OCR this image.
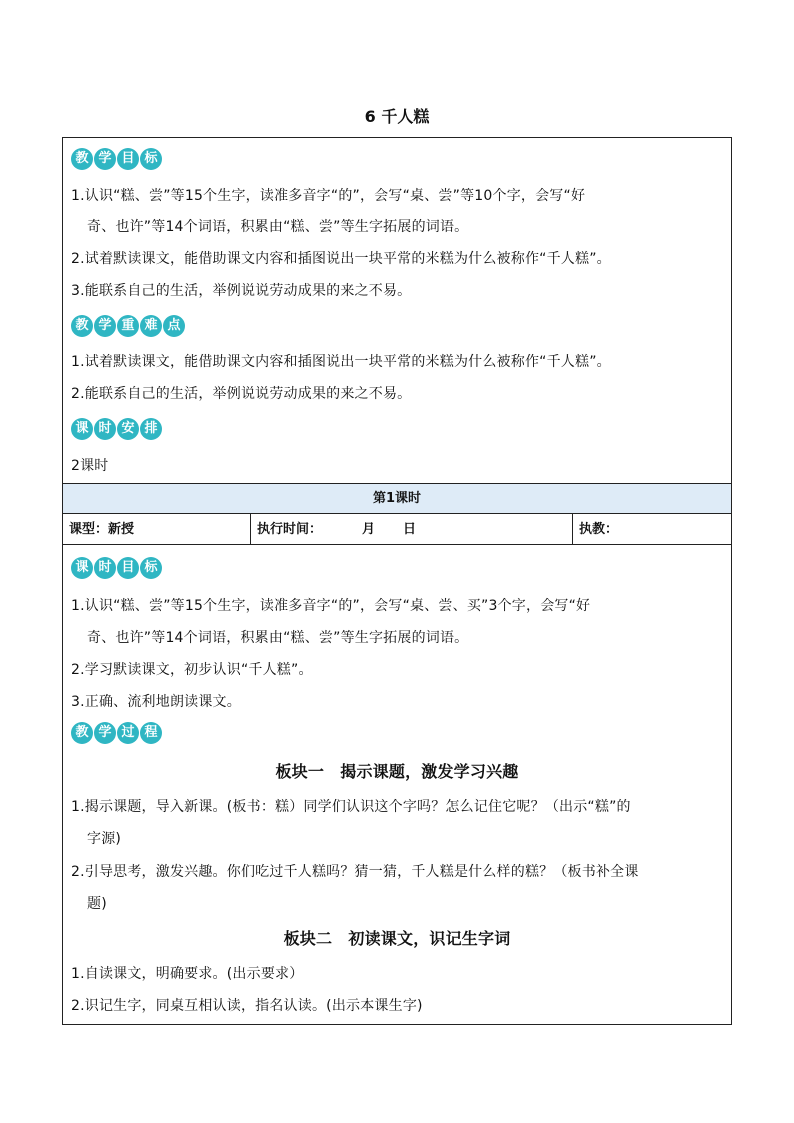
6 千人糕
教 学 目 标
1.认识“糕、尝”等15个生字，读准多音字“的”，会写“桌、尝”等10个字，会写“好
奇、也许”等14个词语，积累由“糕、尝”等生字拓展的词语。
2.试着默读课文，能借助课文内容和插图说出一块平常的米糕为什么被称作“千人糕”。
3.能联系自己的生活，举例说说劳动成果的来之不易。
教 学 重 难 点
1.试着默读课文，能借助课文内容和插图说出一块平常的米糕为什么被称作“千人糕”。
2.能联系自己的生活，举例说说劳动成果的来之不易。
课 时 安 排
2课时
第1课时
课型：新授	执行时间：	月 日	执教：
课 时 目 标
1.认识“糕、尝”等15个生字，读准多音字“的”，会写“桌、尝、买”3个字，会写“好
奇、也许”等14个词语，积累由“糕、尝”等生字拓展的词语。
2.学习默读课文，初步认识“千人糕”。
3.正确、流利地朗读课文。
教 学 过 程
板块一　揭示课题，激发学习兴趣
1.揭示课题，导入新课。(板书：糕）同学们认识这个字吗？怎么记住它呢？（出示“糕”的
字源)
2.引导思考，激发兴趣。你们吃过千人糕吗？猜一猜，千人糕是什么样的糕？（板书补全课
题)
板块二　初读课文，识记生字词
1.自读课文，明确要求。(出示要求）
2.识记生字，同桌互相认读，指名认读。(出示本课生字)
